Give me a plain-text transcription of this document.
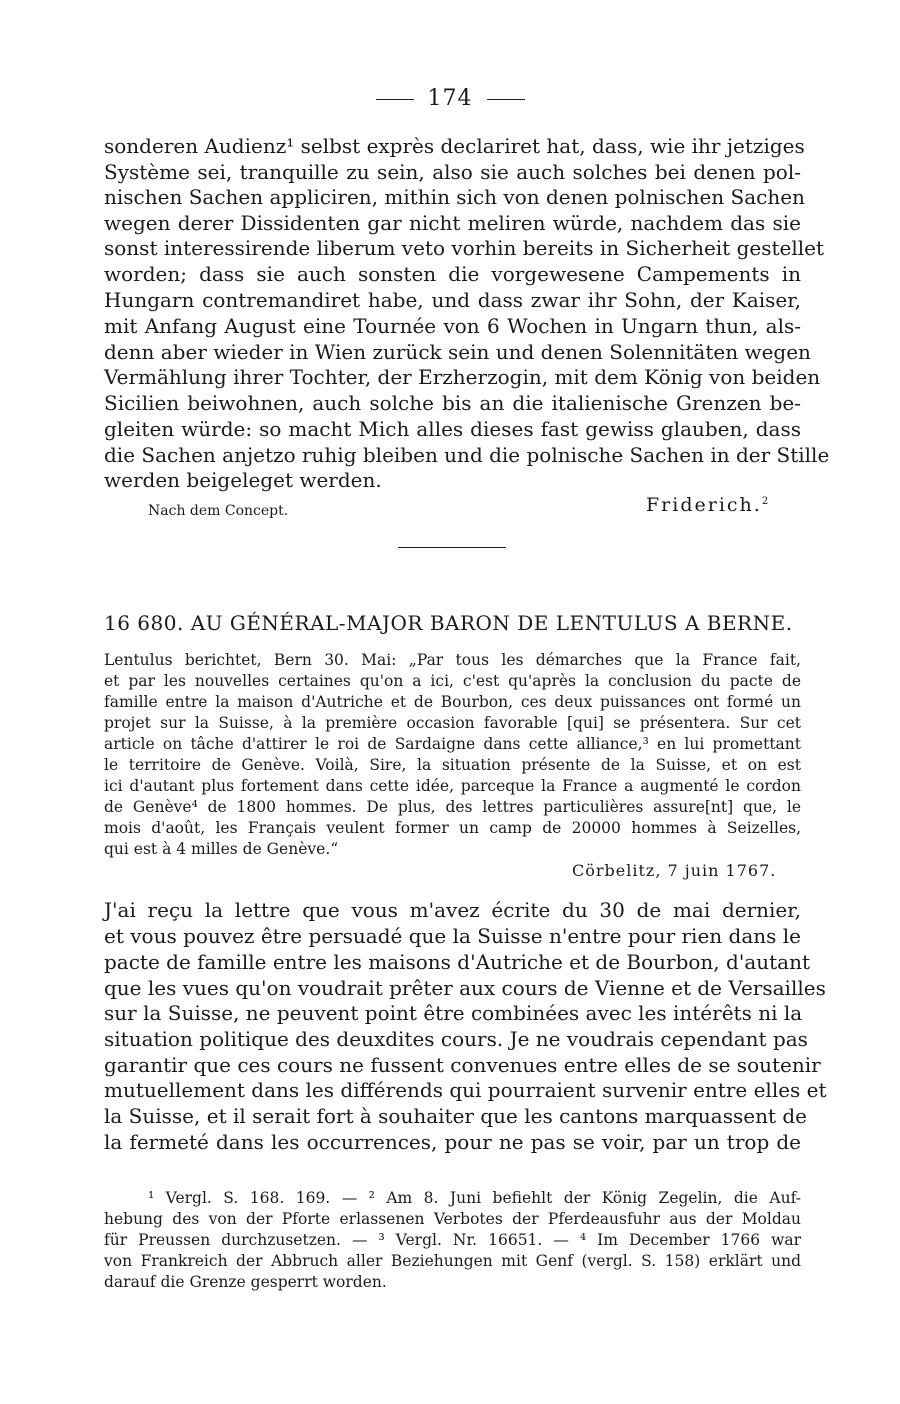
174
sonderen Audienz¹ selbst exprès declariret hat, dass, wie ihr jetziges
Système sei, tranquille zu sein, also sie auch solches bei denen pol-
nischen Sachen appliciren, mithin sich von denen polnischen Sachen
wegen derer Dissidenten gar nicht meliren würde, nachdem das sie
sonst interessirende liberum veto vorhin bereits in Sicherheit gestellet
worden; dass sie auch sonsten die vorgewesene Campements in
Hungarn contremandiret habe, und dass zwar ihr Sohn, der Kaiser,
mit Anfang August eine Tournée von 6 Wochen in Ungarn thun, als-
denn aber wieder in Wien zurück sein und denen Solennitäten wegen
Vermählung ihrer Tochter, der Erzherzogin, mit dem König von beiden
Sicilien beiwohnen, auch solche bis an die italienische Grenzen be-
gleiten würde: so macht Mich alles dieses fast gewiss glauben, dass
die Sachen anjetzo ruhig bleiben und die polnische Sachen in der Stille
werden beigeleget werden.
Nach dem Concept.	Friderich.$^2$
16 680. AU GÉNÉRAL-MAJOR BARON DE LENTULUS A BERNE.
Lentulus berichtet, Bern 30. Mai: „Par tous les démarches que la France fait,
et par les nouvelles certaines qu'on a ici, c'est qu'après la conclusion du pacte de
famille entre la maison d'Autriche et de Bourbon, ces deux puissances ont formé un
projet sur la Suisse, à la première occasion favorable [qui] se présentera. Sur cet
article on tâche d'attirer le roi de Sardaigne dans cette alliance,³ en lui promettant
le territoire de Genève. Voilà, Sire, la situation présente de la Suisse, et on est
ici d'autant plus fortement dans cette idée, parceque la France a augmenté le cordon
de Genève⁴ de 1800 hommes. De plus, des lettres particulières assure[nt] que, le
mois d'août, les Français veulent former un camp de 20000 hommes à Seizelles,
qui est à 4 milles de Genève.“
Cörbelitz, 7 juin 1767.
J'ai reçu la lettre que vous m'avez écrite du 30 de mai dernier,
et vous pouvez être persuadé que la Suisse n'entre pour rien dans le
pacte de famille entre les maisons d'Autriche et de Bourbon, d'autant
que les vues qu'on voudrait prêter aux cours de Vienne et de Versailles
sur la Suisse, ne peuvent point être combinées avec les intérêts ni la
situation politique des deuxdites cours. Je ne voudrais cependant pas
garantir que ces cours ne fussent convenues entre elles de se soutenir
mutuellement dans les différends qui pourraient survenir entre elles et
la Suisse, et il serait fort à souhaiter que les cantons marquassent de
la fermeté dans les occurrences, pour ne pas se voir, par un trop de
¹ Vergl. S. 168. 169. — ² Am 8. Juni befiehlt der König Zegelin, die Auf-
hebung des von der Pforte erlassenen Verbotes der Pferdeausfuhr aus der Moldau
für Preussen durchzusetzen. — ³ Vergl. Nr. 16651. — ⁴ Im December 1766 war
von Frankreich der Abbruch aller Beziehungen mit Genf (vergl. S. 158) erklärt und
darauf die Grenze gesperrt worden.
